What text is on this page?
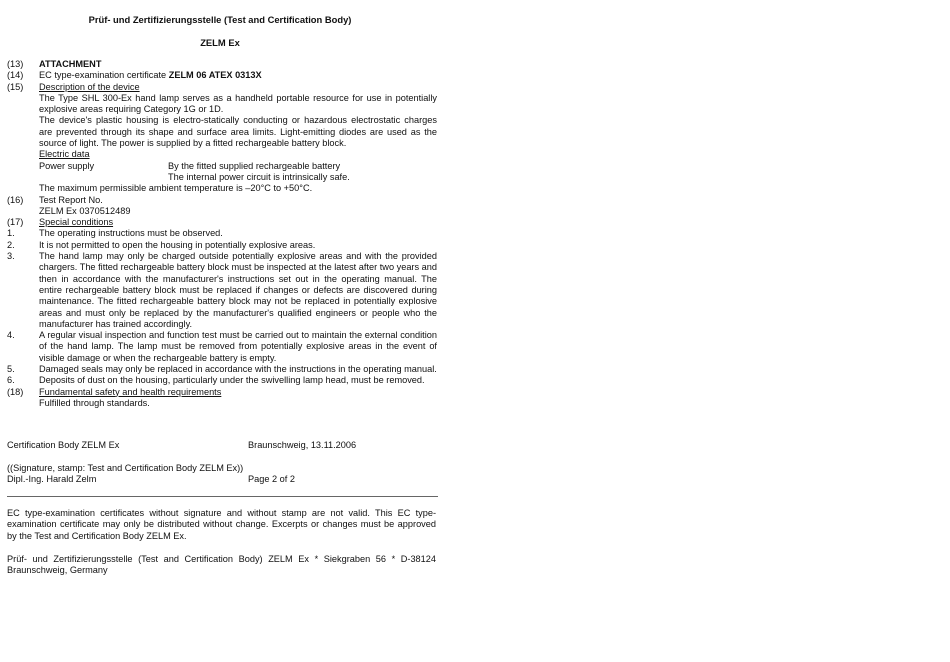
Prüf- und Zertifizierungsstelle (Test and Certification Body)
ZELM Ex
(13)	ATTACHMENT
(14)	EC type-examination certificate ZELM 06 ATEX 0313X
(15)	Description of the device
The Type SHL 300-Ex hand lamp serves as a handheld portable resource for use in potentially explosive areas requiring Category 1G or 1D.
The device's plastic housing is electro-statically conducting or hazardous electrostatic charges are prevented through its shape and surface area limits. Light-emitting diodes are used as the source of light. The power is supplied by a fitted rechargeable battery block.
Electric data
Power supply	By the fitted supplied rechargeable battery
The internal power circuit is intrinsically safe.
The maximum permissible ambient temperature is –20°C to +50°C.
(16)	Test Report No.
ZELM Ex 0370512489
(17)	Special conditions
1.	The operating instructions must be observed.
2.	It is not permitted to open the housing in potentially explosive areas.
3.	The hand lamp may only be charged outside potentially explosive areas and with the provided chargers. The fitted rechargeable battery block must be inspected at the latest after two years and then in accordance with the manufacturer's instructions set out in the operating manual. The entire rechargeable battery block must be replaced if changes or defects are discovered during maintenance. The fitted rechargeable battery block may not be replaced in potentially explosive areas and must only be replaced by the manufacturer's qualified engineers or people who the manufacturer has trained accordingly.
4.	A regular visual inspection and function test must be carried out to maintain the external condition of the hand lamp. The lamp must be removed from potentially explosive areas in the event of visible damage or when the rechargeable battery is empty.
5.	Damaged seals may only be replaced in accordance with the instructions in the operating manual.
6.	Deposits of dust on the housing, particularly under the swivelling lamp head, must be removed.
(18)	Fundamental safety and health requirements
Fulfilled through standards.
Certification Body ZELM Ex	Braunschweig, 13.11.2006
((Signature, stamp: Test and Certification Body ZELM Ex))
Dipl.-Ing. Harald Zelm	Page 2 of 2
EC type-examination certificates without signature and without stamp are not valid. This EC type-examination certificate may only be distributed without change. Excerpts or changes must be approved by the Test and Certification Body ZELM Ex.
Prüf- und Zertifizierungsstelle (Test and Certification Body) ZELM Ex * Siekgraben 56 * D-38124 Braunschweig, Germany
